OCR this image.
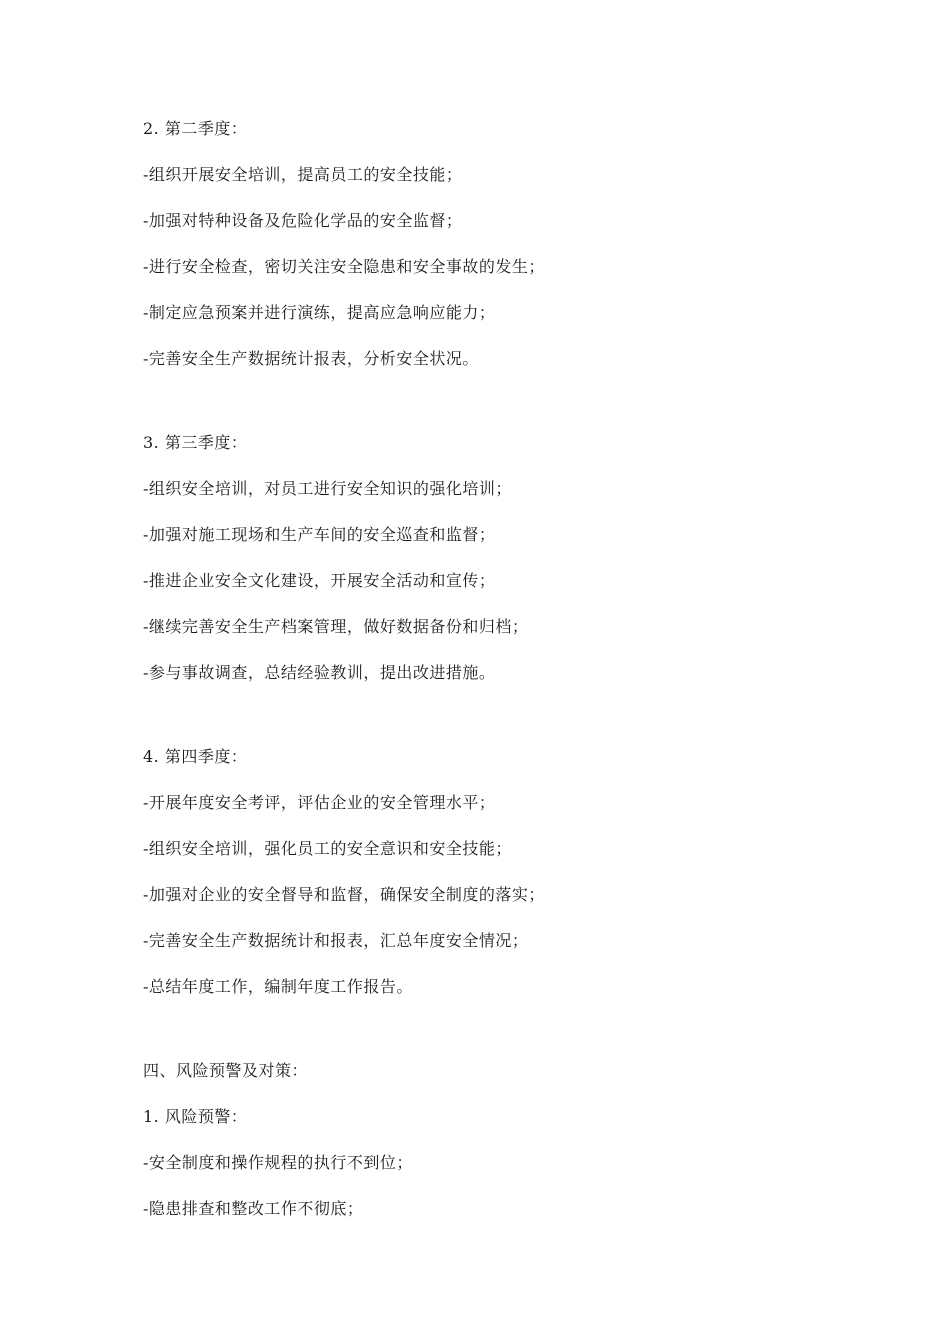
2. 第二季度：
-组织开展安全培训，提高员工的安全技能；
-加强对特种设备及危险化学品的安全监督；
-进行安全检查，密切关注安全隐患和安全事故的发生；
-制定应急预案并进行演练，提高应急响应能力；
-完善安全生产数据统计报表，分析安全状况。
3. 第三季度：
-组织安全培训，对员工进行安全知识的强化培训；
-加强对施工现场和生产车间的安全巡查和监督；
-推进企业安全文化建设，开展安全活动和宣传；
-继续完善安全生产档案管理，做好数据备份和归档；
-参与事故调查，总结经验教训，提出改进措施。
4. 第四季度：
-开展年度安全考评，评估企业的安全管理水平；
-组织安全培训，强化员工的安全意识和安全技能；
-加强对企业的安全督导和监督，确保安全制度的落实；
-完善安全生产数据统计和报表，汇总年度安全情况；
-总结年度工作，编制年度工作报告。
四、风险预警及对策：
1. 风险预警：
-安全制度和操作规程的执行不到位；
-隐患排查和整改工作不彻底；
